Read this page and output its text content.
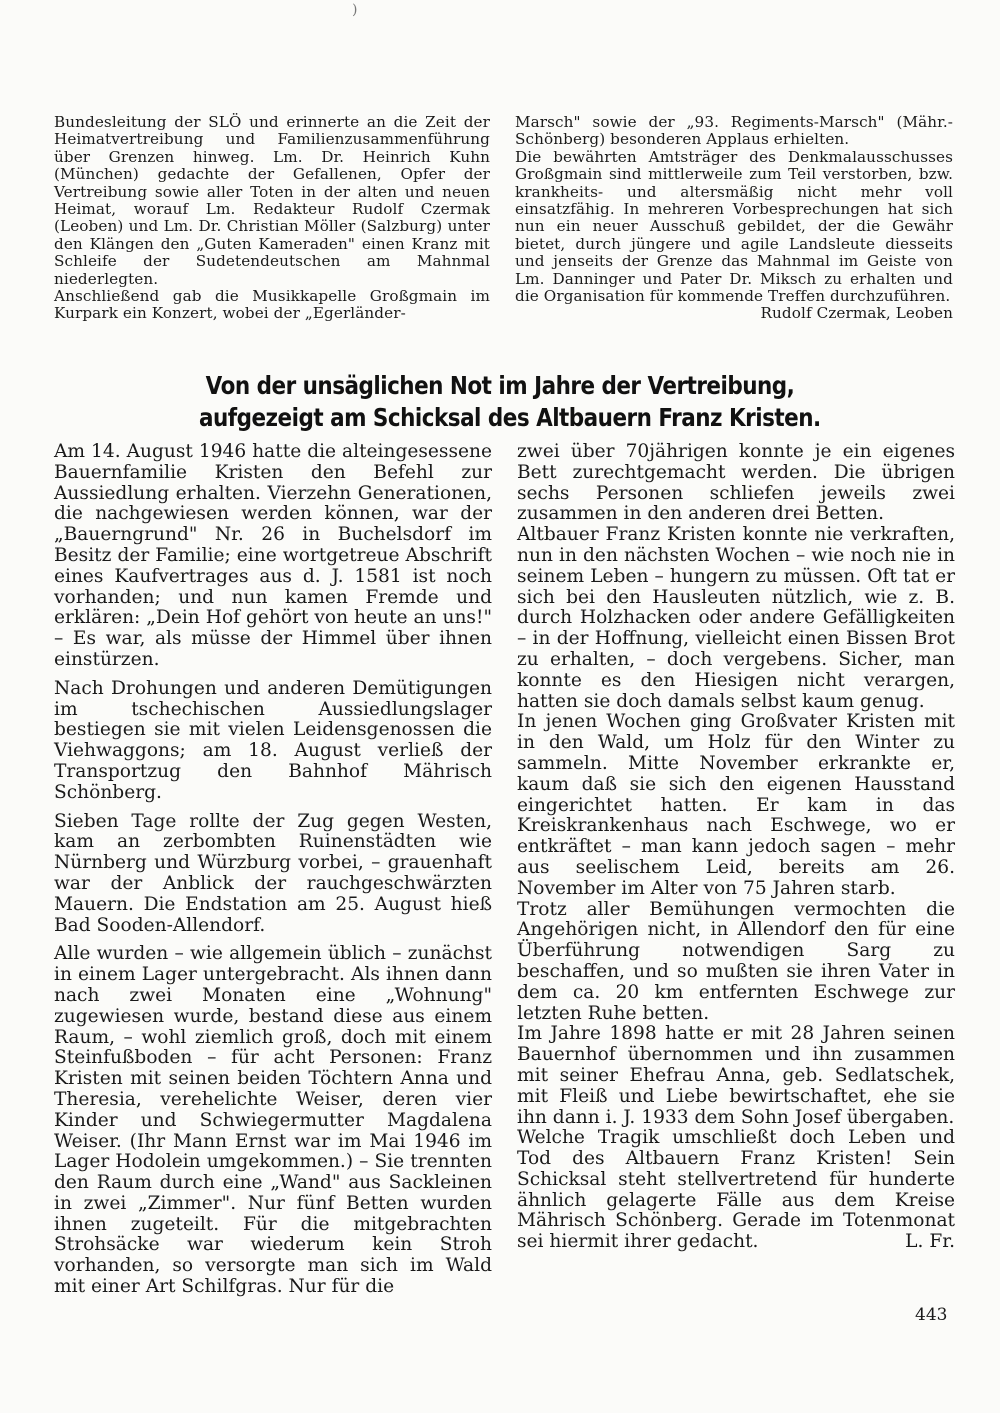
)

Bundesleitung der SLÖ und erinnerte an die Zeit der Heimatvertreibung und Familienzusammenführung über Grenzen hinweg. Lm. Dr. Heinrich Kuhn (München) gedachte der Gefallenen, Opfer der Vertreibung sowie aller Toten in der alten und neuen Heimat, worauf Lm. Redakteur Rudolf Czermak (Leoben) und Lm. Dr. Christian Möller (Salzburg) unter den Klängen den „Guten Kameraden" einen Kranz mit Schleife der Sudetendeutschen am Mahnmal niederlegten.

Anschließend gab die Musikkapelle Großgmain im Kurpark ein Konzert, wobei der „Egerländer-

Marsch" sowie der „93. Regiments-Marsch" (Mähr.-Schönberg) besonderen Applaus erhielten.

Die bewährten Amtsträger des Denkmalausschusses Großgmain sind mittlerweile zum Teil verstorben, bzw. krankheits- und altersmäßig nicht mehr voll einsatzfähig. In mehreren Vorbesprechungen hat sich nun ein neuer Ausschuß gebildet, der die Gewähr bietet, durch jüngere und agile Landsleute diesseits und jenseits der Grenze das Mahnmal im Geiste von Lm. Danninger und Pater Dr. Miksch zu erhalten und die Organisation für kommende Treffen durchzuführen.
Rudolf Czermak, Leoben

Von der unsäglichen Not im Jahre der Vertreibung,
aufgezeigt am Schicksal des Altbauern Franz Kristen.

Am 14. August 1946 hatte die alteingesessene Bauernfamilie Kristen den Befehl zur Aussiedlung erhalten. Vierzehn Generationen, die nachgewiesen werden können, war der „Bauerngrund" Nr. 26 in Buchelsdorf im Besitz der Familie; eine wortgetreue Abschrift eines Kaufvertrages aus d. J. 1581 ist noch vorhanden; und nun kamen Fremde und erklären: „Dein Hof gehört von heute an uns!" – Es war, als müsse der Himmel über ihnen einstürzen.

Nach Drohungen und anderen Demütigungen im tschechischen Aussiedlungslager bestiegen sie mit vielen Leidensgenossen die Viehwaggons; am 18. August verließ der Transportzug den Bahnhof Mährisch Schönberg.

Sieben Tage rollte der Zug gegen Westen, kam an zerbombten Ruinenstädten wie Nürnberg und Würzburg vorbei, – grauenhaft war der Anblick der rauchgeschwärzten Mauern. Die Endstation am 25. August hieß Bad Sooden-Allendorf.

Alle wurden – wie allgemein üblich – zunächst in einem Lager untergebracht. Als ihnen dann nach zwei Monaten eine „Wohnung" zugewiesen wurde, bestand diese aus einem Raum, – wohl ziemlich groß, doch mit einem Steinfußboden – für acht Personen: Franz Kristen mit seinen beiden Töchtern Anna und Theresia, verehelichte Weiser, deren vier Kinder und Schwiegermutter Magdalena Weiser. (Ihr Mann Ernst war im Mai 1946 im Lager Hodolein umgekommen.) – Sie trennten den Raum durch eine „Wand" aus Sackleinen in zwei „Zimmer". Nur fünf Betten wurden ihnen zugeteilt. Für die mitgebrachten Strohsäcke war wiederum kein Stroh vorhanden, so versorgte man sich im Wald mit einer Art Schilfgras. Nur für die

zwei über 70jährigen konnte je ein eigenes Bett zurechtgemacht werden. Die übrigen sechs Personen schliefen jeweils zwei zusammen in den anderen drei Betten.

Altbauer Franz Kristen konnte nie verkraften, nun in den nächsten Wochen – wie noch nie in seinem Leben – hungern zu müssen. Oft tat er sich bei den Hausleuten nützlich, wie z. B. durch Holzhacken oder andere Gefälligkeiten – in der Hoffnung, vielleicht einen Bissen Brot zu erhalten, – doch vergebens. Sicher, man konnte es den Hiesigen nicht verargen, hatten sie doch damals selbst kaum genug.

In jenen Wochen ging Großvater Kristen mit in den Wald, um Holz für den Winter zu sammeln. Mitte November erkrankte er, kaum daß sie sich den eigenen Hausstand eingerichtet hatten. Er kam in das Kreiskrankenhaus nach Eschwege, wo er entkräftet – man kann jedoch sagen – mehr aus seelischem Leid, bereits am 26. November im Alter von 75 Jahren starb.

Trotz aller Bemühungen vermochten die Angehörigen nicht, in Allendorf den für eine Überführung notwendigen Sarg zu beschaffen, und so mußten sie ihren Vater in dem ca. 20 km entfernten Eschwege zur letzten Ruhe betten.

Im Jahre 1898 hatte er mit 28 Jahren seinen Bauernhof übernommen und ihn zusammen mit seiner Ehefrau Anna, geb. Sedlatschek, mit Fleiß und Liebe bewirtschaftet, ehe sie ihn dann i. J. 1933 dem Sohn Josef übergaben.

Welche Tragik umschließt doch Leben und Tod des Altbauern Franz Kristen! Sein Schicksal steht stellvertretend für hunderte ähnlich gelagerte Fälle aus dem Kreise Mährisch Schönberg. Gerade im Totenmonat sei hiermit ihrer gedacht.	L. Fr.

443
